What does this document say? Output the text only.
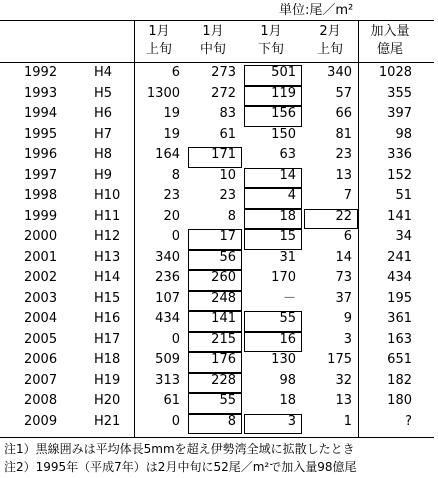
単位:尾／m²
1月
上旬
1月
中旬
1月
下旬
2月
上旬
加入量
億尾
1992	H4	6	273	501	340	1028
1993	H5	1300	272	119	57	355
1994	H6	19	83	156	66	397
1995	H7	19	61	150	81	98
1996	H8	164	171	63	23	336
1997	H9	8	10	14	13	152
1998	H10	23	23	4	7	51
1999	H11	20	8	18	22	141
2000	H12	0	17	15	6	34
2001	H13	340	56	31	14	241
2002	H14	236	260	170	73	434
2003	H15	107	248	－	37	195
2004	H16	434	141	55	9	361
2005	H17	0	215	16	3	163
2006	H18	509	176	130	175	651
2007	H19	313	228	98	32	182
2008	H20	61	55	18	13	180
2009	H21	0	8	3	1	?
注1）黒線囲みは平均体長5mmを超え伊勢湾全域に拡散したとき
注2）1995年（平成7年）は2月中旬に52尾／m²で加入量98億尾
